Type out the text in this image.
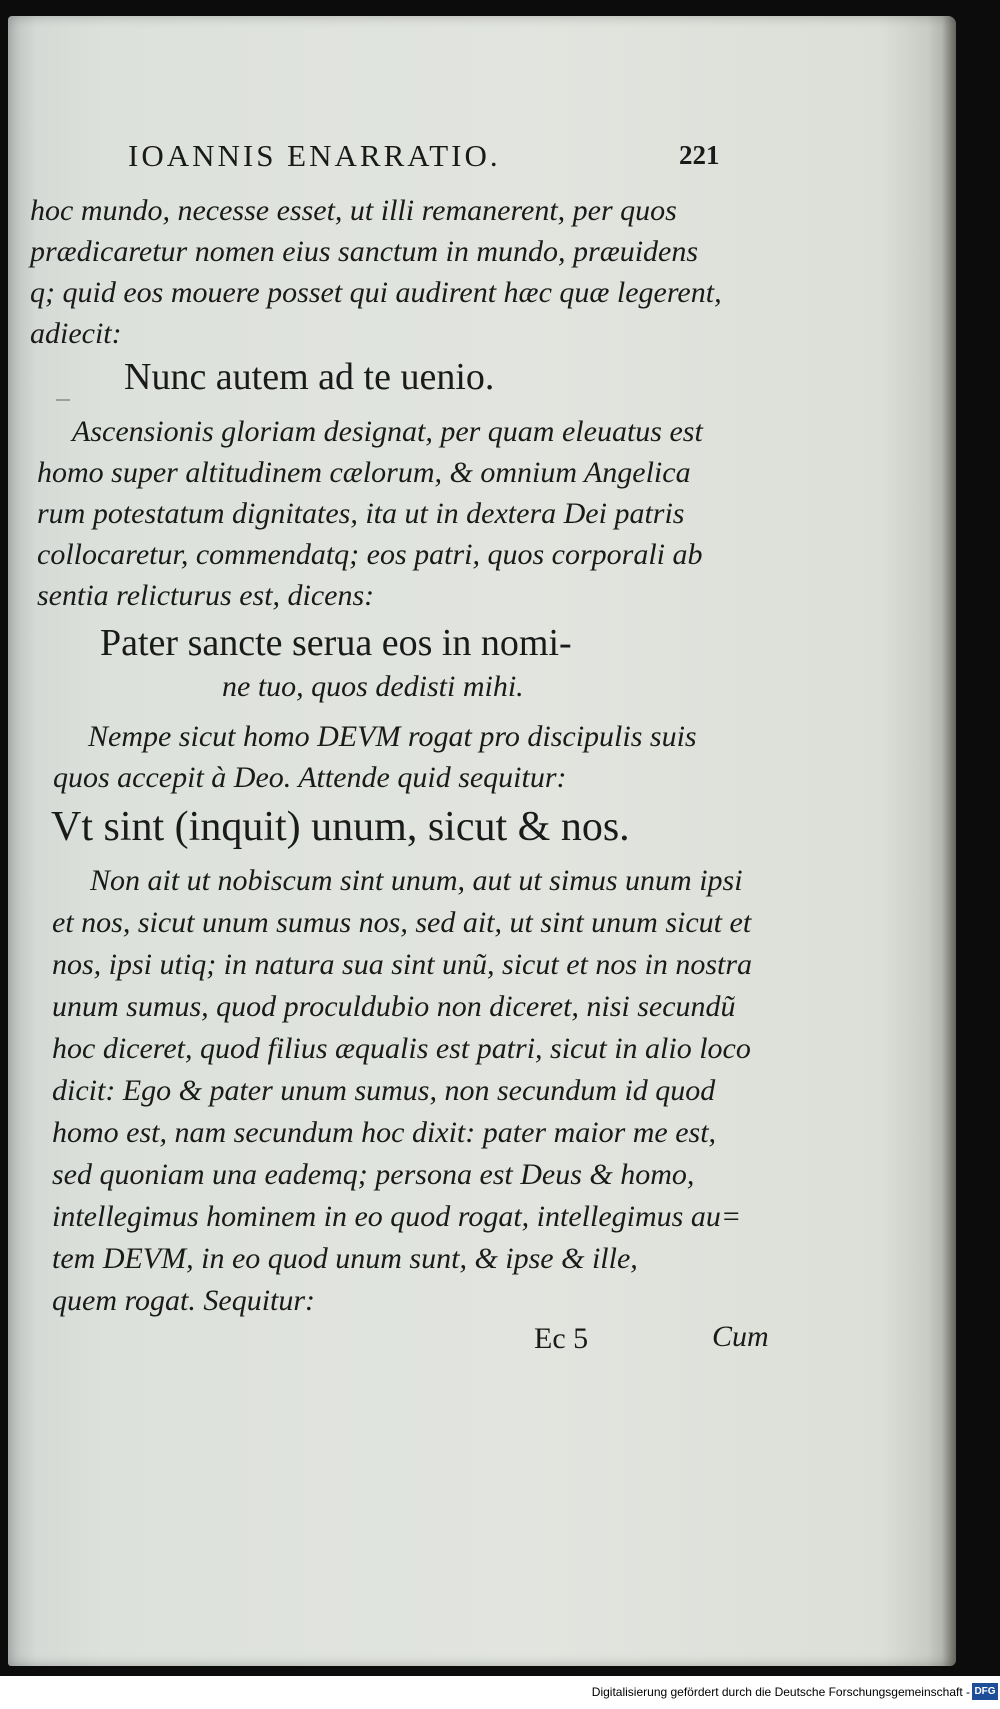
IOANNIS ENARRATIO.	221
hoc mundo, necesse esset, ut illi remanerent, per quos
prædicaretur nomen eius sanctum in mundo, præuidens
q; quid eos mouere posset qui audirent hæc quæ legerent,
adiecit:
Nunc autem ad te uenio.
Ascensionis gloriam designat, per quam eleuatus est
homo super altitudinem cælorum, & omnium Angelica
rum potestatum dignitates, ita ut in dextera Dei patris
collocaretur, commendatq; eos patri, quos corporali ab
sentia relicturus est, dicens:
Pater sancte serua eos in nomi-
ne tuo, quos dedisti mihi.
Nempe sicut homo DEVM rogat pro discipulis suis
quos accepit à Deo. Attende quid sequitur:
Vt sint (inquit) unum, sicut & nos.
Non ait ut nobiscum sint unum, aut ut simus unum ipsi
et nos, sicut unum sumus nos, sed ait, ut sint unum sicut et
nos, ipsi utiq; in natura sua sint unũ, sicut et nos in nostra
unum sumus, quod proculdubio non diceret, nisi secundũ
hoc diceret, quod filius æqualis est patri, sicut in alio loco
dicit: Ego & pater unum sumus, non secundum id quod
homo est, nam secundum hoc dixit: pater maior me est,
sed quoniam una eademq; persona est Deus & homo,
intellegimus hominem in eo quod rogat, intellegimus au=
tem DEVM, in eo quod unum sunt, & ipse & ille,
quem rogat. Sequitur:
Ec 5	Cum
Digitalisierung gefördert durch die Deutsche Forschungsgemeinschaft - DFG
